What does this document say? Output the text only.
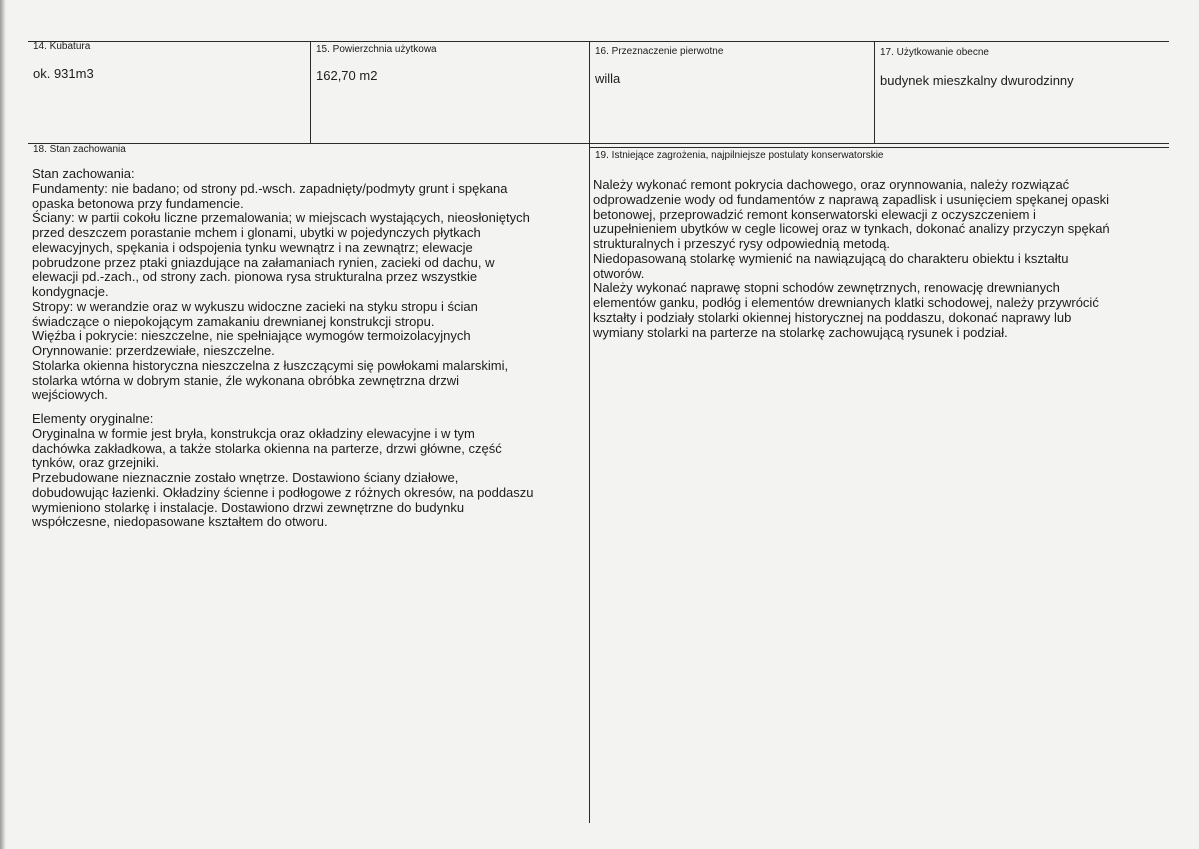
14. Kubatura
ok. 931m3
15. Powierzchnia użytkowa
162,70 m2
16. Przeznaczenie pierwotne
willa
17. Użytkowanie obecne
budynek mieszkalny dwurodzinny
18. Stan zachowania
Stan zachowania:
Fundamenty: nie badano; od strony pd.-wsch. zapadnięty/podmyty grunt i spękana
opaska betonowa przy fundamencie.
Ściany: w partii cokołu liczne przemalowania; w miejscach wystających, nieosłoniętych
przed deszczem porastanie mchem i glonami, ubytki w pojedynczych płytkach
elewacyjnych, spękania i odspojenia tynku wewnątrz i na zewnątrz; elewacje
pobrudzone przez ptaki gniazdujące na załamaniach rynien, zacieki od dachu, w
elewacji pd.-zach., od strony zach. pionowa rysa strukturalna przez wszystkie
kondygnacje.
Stropy: w werandzie oraz w wykuszu widoczne zacieki na styku stropu i ścian
świadczące o niepokojącym zamakaniu drewnianej konstrukcji stropu.
Więźba i pokrycie: nieszczelne, nie spełniające wymogów termoizolacyjnych
Orynnowanie: przerdzewiałe, nieszczelne.
Stolarka okienna historyczna nieszczelna z łuszczącymi się powłokami malarskimi,
stolarka wtórna w dobrym stanie, źle wykonana obróbka zewnętrzna drzwi
wejściowych.
Elementy oryginalne:
Oryginalna w formie jest bryła, konstrukcja oraz okładziny elewacyjne i w tym
dachówka zakładkowa, a także stolarka okienna na parterze, drzwi główne, część
tynków, oraz grzejniki.
Przebudowane nieznacznie zostało wnętrze. Dostawiono ściany działowe,
dobudowując łazienki. Okładziny ścienne i podłogowe z różnych okresów, na poddaszu
wymieniono stolarkę i instalacje. Dostawiono drzwi zewnętrzne do budynku
współczesne, niedopasowane kształtem do otworu.
19. Istniejące zagrożenia, najpilniejsze postulaty konserwatorskie
Należy wykonać remont pokrycia dachowego, oraz orynnowania, należy rozwiązać
odprowadzenie wody od fundamentów z naprawą zapadlisk i usunięciem spękanej opaski
betonowej, przeprowadzić remont konserwatorski elewacji z oczyszczeniem i
uzupełnieniem ubytków w cegle licowej oraz w tynkach, dokonać analizy przyczyn spękań
strukturalnych i przeszyć rysy odpowiednią metodą.
Niedopasowaną stolarkę wymienić na nawiązującą do charakteru obiektu i kształtu
otworów.
Należy wykonać naprawę stopni schodów zewnętrznych, renowację drewnianych
elementów ganku, podłóg i elementów drewnianych klatki schodowej, należy przywrócić
kształty i podziały stolarki okiennej historycznej na poddaszu, dokonać naprawy lub
wymiany stolarki na parterze na stolarkę zachowującą rysunek i podział.
